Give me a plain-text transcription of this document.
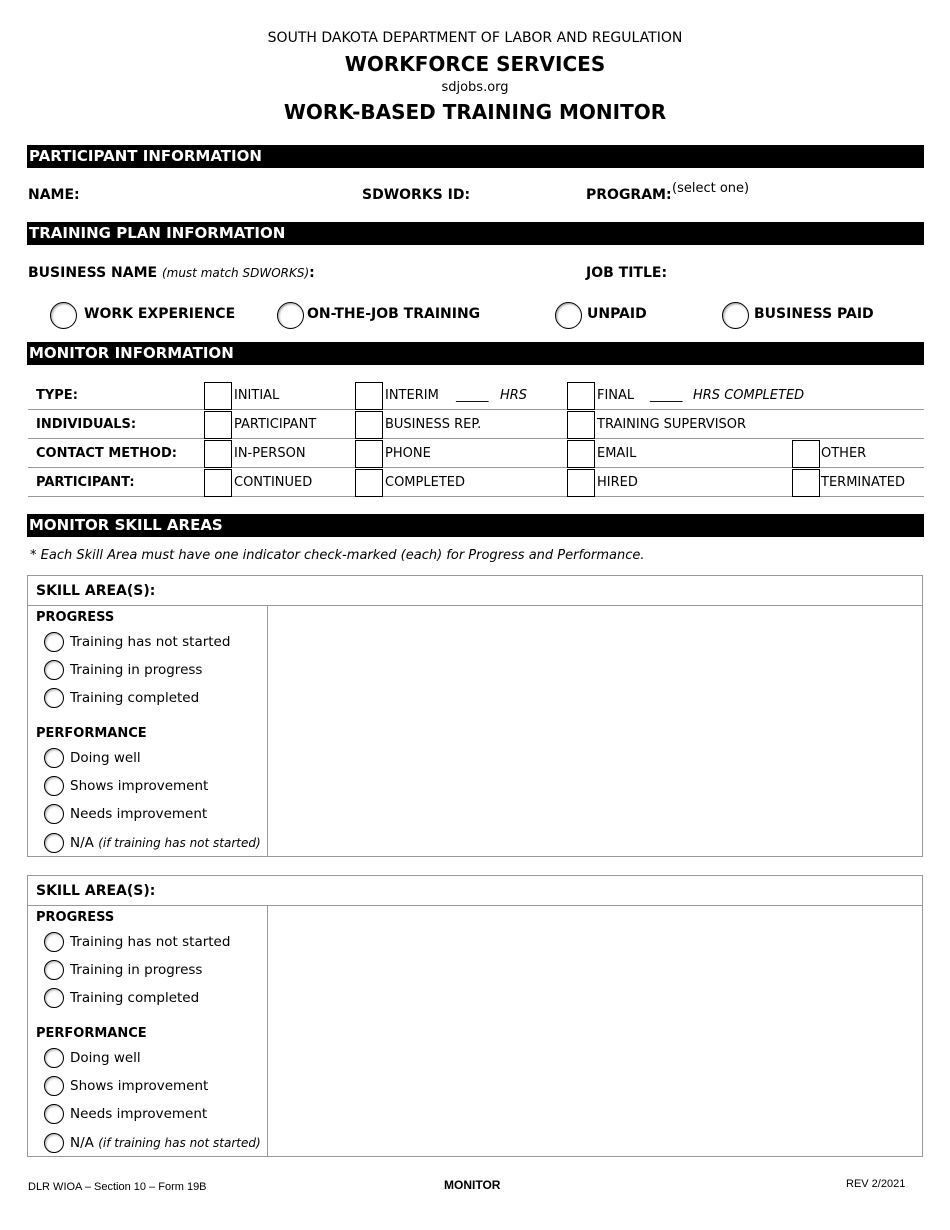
SOUTH DAKOTA DEPARTMENT OF LABOR AND REGULATION
WORKFORCE SERVICES
sdjobs.org
WORK-BASED TRAINING MONITOR
PARTICIPANT INFORMATION
NAME:	SDWORKS ID:	PROGRAM: (select one)
TRAINING PLAN INFORMATION
BUSINESS NAME (must match SDWORKS):	JOB TITLE:
WORK EXPERIENCE	ON-THE-JOB TRAINING	UNPAID	BUSINESS PAID
MONITOR INFORMATION
TYPE:	INITIAL	INTERIM _____ HRS	FINAL _____ HRS COMPLETED
INDIVIDUALS:	PARTICIPANT	BUSINESS REP.	TRAINING SUPERVISOR
CONTACT METHOD:	IN-PERSON	PHONE	EMAIL	OTHER
PARTICIPANT:	CONTINUED	COMPLETED	HIRED	TERMINATED
MONITOR SKILL AREAS
* Each Skill Area must have one indicator check-marked (each) for Progress and Performance.
SKILL AREA(S):
PROGRESS
Training has not started
Training in progress
Training completed
PERFORMANCE
Doing well
Shows improvement
Needs improvement
N/A (if training has not started)
SKILL AREA(S):
PROGRESS
Training has not started
Training in progress
Training completed
PERFORMANCE
Doing well
Shows improvement
Needs improvement
N/A (if training has not started)
DLR WIOA – Section 10 – Form 19B	MONITOR	REV 2/2021
